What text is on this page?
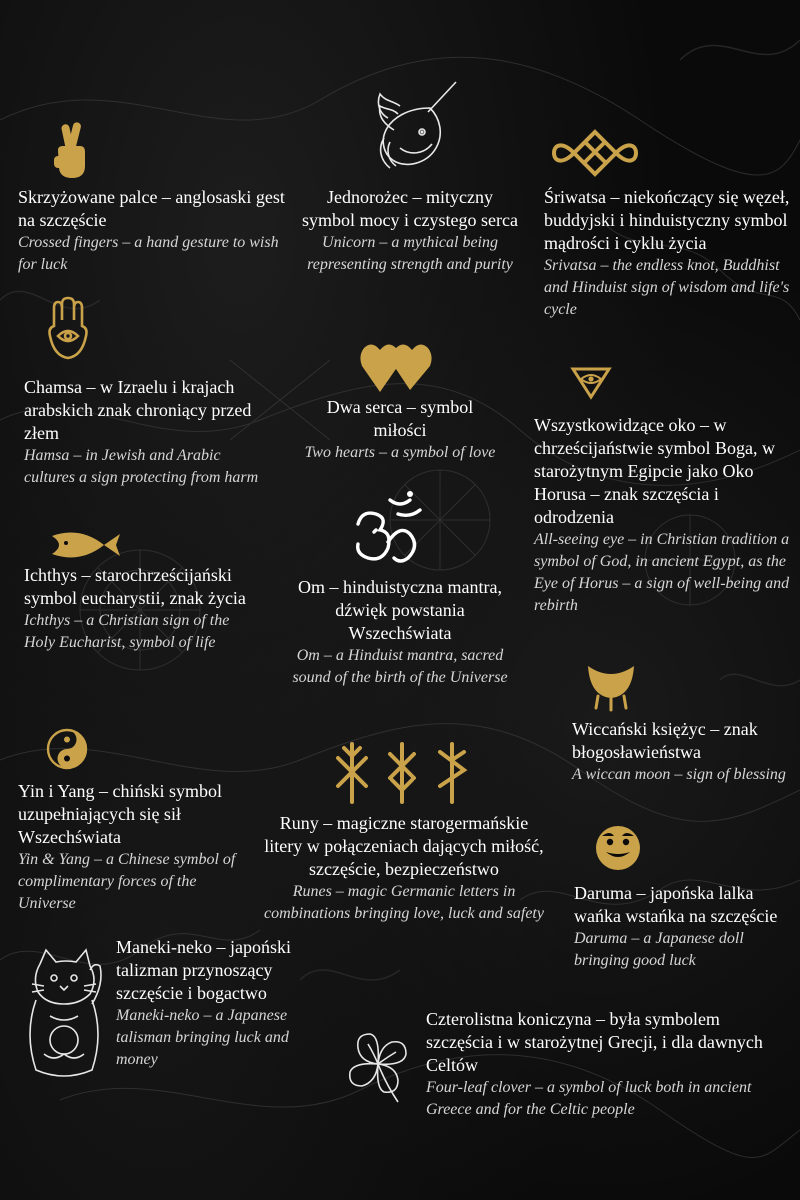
Skrzyżowane palce – anglosaski gest na szczęście
Crossed fingers – a hand gesture to wish for luck
Jednorożec – mityczny symbol mocy i czystego serca
Unicorn – a mythical being representing strength and purity
Śriwatsa – niekończący się węzeł, buddyjski i hinduistyczny symbol mądrości i cyklu życia
Srivatsa – the endless knot, Buddhist and Hinduist sign of wisdom and life's cycle
Chamsa – w Izraelu i krajach arabskich znak chroniący przed złem
Hamsa – in Jewish and Arabic cultures a sign protecting from harm
Dwa serca – symbol miłości
Two hearts – a symbol of love
Wszystkowidzące oko – w chrześcijaństwie symbol Boga, w starożytnym Egipcie jako Oko Horusa – znak szczęścia i odrodzenia
All-seeing eye – in Christian tradition a symbol of God, in ancient Egypt, as the Eye of Horus – a sign of well-being and rebirth
Ichthys – starochrześcijański symbol eucharystii, znak życia
Ichthys – a Christian sign of the Holy Eucharist, symbol of life
Om – hinduistyczna mantra, dźwięk powstania Wszechświata
Om – a Hinduist mantra, sacred sound of the birth of the Universe
Wiccański księżyc – znak błogosławieństwa
A wiccan moon – sign of blessing
Yin i Yang – chiński symbol uzupełniających się sił Wszechświata
Yin & Yang – a Chinese symbol of complimentary forces of the Universe
Runy – magiczne starogermańskie litery w połączeniach dających miłość, szczęście, bezpieczeństwo
Runes – magic Germanic letters in combinations bringing love, luck and safety
Daruma – japońska lalka wańka wstańka na szczęście
Daruma – a Japanese doll bringing good luck
Maneki-neko – japoński talizman przynoszący szczęście i bogactwo
Maneki-neko – a Japanese talisman bringing luck and money
Czterolistna koniczyna – była symbolem szczęścia i w starożytnej Grecji, i dla dawnych Celtów
Four-leaf clover – a symbol of luck both in ancient Greece and for the Celtic people
